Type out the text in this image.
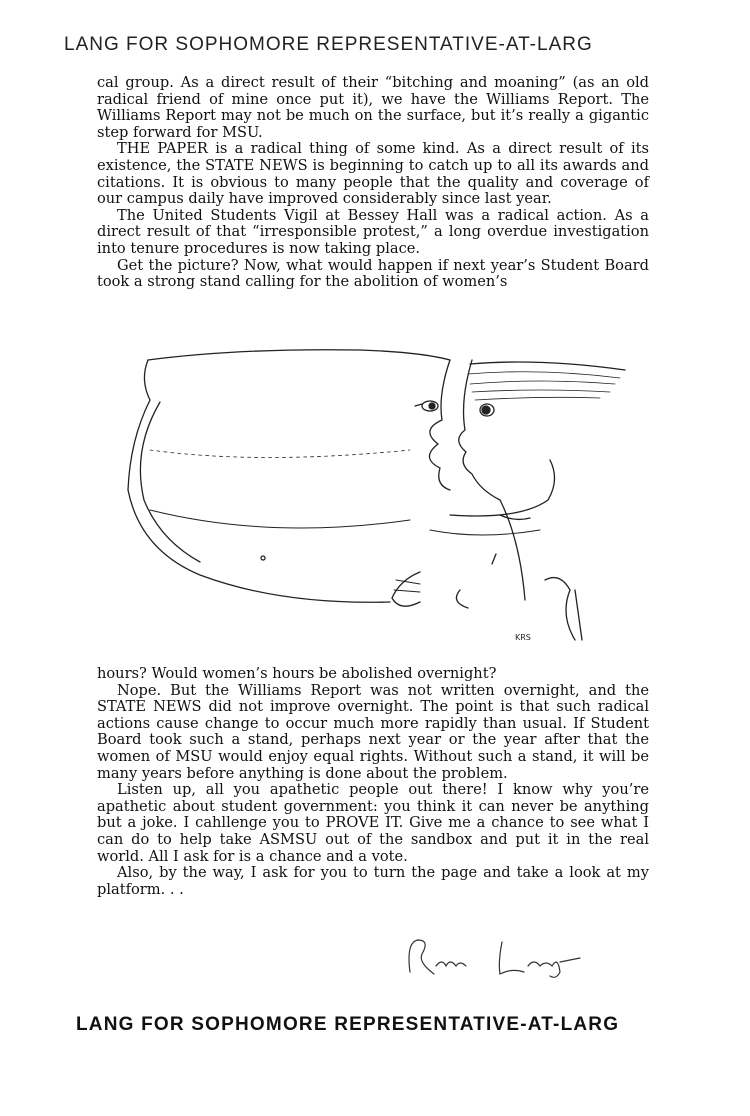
LANG FOR SOPHOMORE REPRESENTATIVE-AT-LARG

cal group. As a direct result of their “bitching and moaning” (as an old radical friend of mine once put it), we have the Williams Report. The Williams Report may not be much on the surface, but it’s really a gigantic step forward for MSU.

THE PAPER is a radical thing of some kind. As a direct result of its existence, the STATE NEWS is beginning to catch up to all its awards and citations. It is obvious to many people that the quality and coverage of our campus daily have improved considerably since last year.

The United Students Vigil at Bessey Hall was a radical action. As a direct result of that “irresponsible protest,” a long overdue investigation into tenure procedures is now taking place.

Get the picture? Now, what would happen if next year’s Student Board took a strong stand calling for the abolition of women’s

KRS

hours? Would women’s hours be abolished overnight?

Nope. But the Williams Report was not written overnight, and the STATE NEWS did not improve overnight. The point is that such radical actions cause change to occur much more rapidly than usual. If Student Board took such a stand, perhaps next year or the year after that the women of MSU would enjoy equal rights. Without such a stand, it will be many years before anything is done about the problem.

Listen up, all you apathetic people out there! I know why you’re apathetic about student government: you think it can never be anything but a joke. I cahllenge you to PROVE IT. Give me a chance to see what I can do to help take ASMSU out of the sandbox and put it in the real world. All I ask for is a chance and a vote.

Also, by the way, I ask for you to turn the page and take a look at my platform. . .

LANG FOR SOPHOMORE REPRESENTATIVE-AT-LARG
